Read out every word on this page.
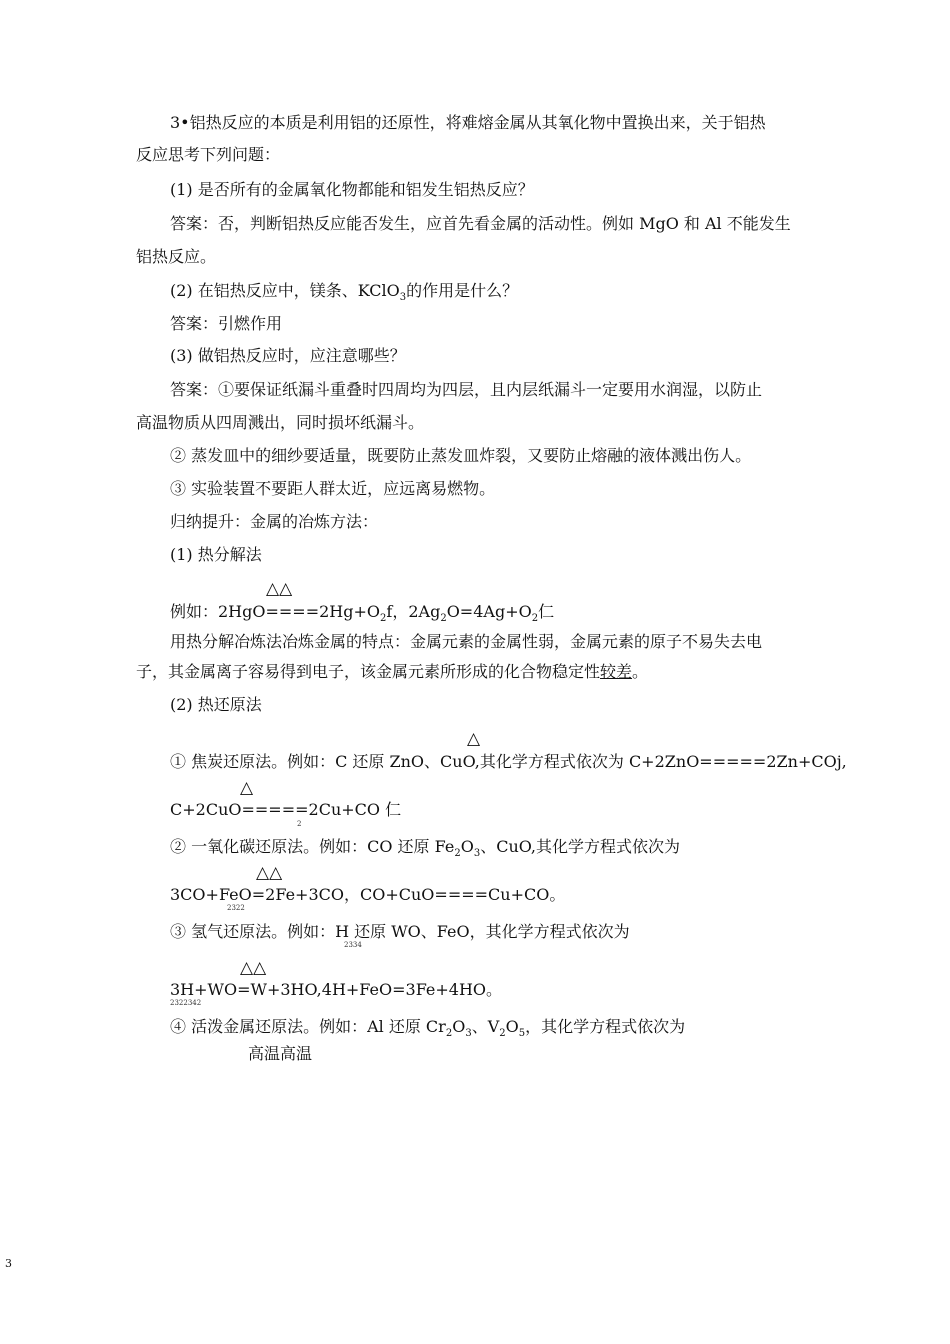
3•铝热反应的本质是利用铝的还原性，将难熔金属从其氧化物中置换出来，关于铝热
反应思考下列问题：
(1) 是否所有的金属氧化物都能和铝发生铝热反应？
答案：否，判断铝热反应能否发生，应首先看金属的活动性。例如 MgO 和 Al 不能发生
铝热反应。
(2) 在铝热反应中，镁条、KClO$_3$的作用是什么？
答案：引燃作用
(3) 做铝热反应时，应注意哪些？
答案：①要保证纸漏斗重叠时四周均为四层，且内层纸漏斗一定要用水润湿，以防止
高温物质从四周溅出，同时损坏纸漏斗。
② 蒸发皿中的细纱要适量，既要防止蒸发皿炸裂，又要防止熔融的液体溅出伤人。
③ 实验装置不要距人群太近，应远离易燃物。
归纳提升：金属的冶炼方法：
(1) 热分解法
△△
例如：$2HgO====2Hg+O_2f$，$2Ag_2O=4Ag+O_2$仁
用热分解冶炼法冶炼金属的特点：金属元素的金属性弱，金属元素的原子不易失去电
子，其金属离子容易得到电子，该金属元素所形成的化合物稳定性较差。
(2) 热还原法
△
① 焦炭还原法。例如：C 还原 ZnO、CuO,其化学方程式依次为 C+2ZnO=====2Zn+COj,
△
C+2CuO=====2Cu+CO 仁
2
② 一氧化碳还原法。例如：CO 还原 $Fe_2O_3$、CuO,其化学方程式依次为
△△
3CO+FeO=2Fe+3CO，CO+CuO====Cu+CO。
2322
③ 氢气还原法。例如：H 还原 WO、FeO，其化学方程式依次为
2334
△△
3H+WO=W+3HO,4H+FeO=3Fe+4HO。
2322342
④ 活泼金属还原法。例如：Al 还原 $Cr_2O_3$、$V_2O_5$，其化学方程式依次为
高温高温
3
